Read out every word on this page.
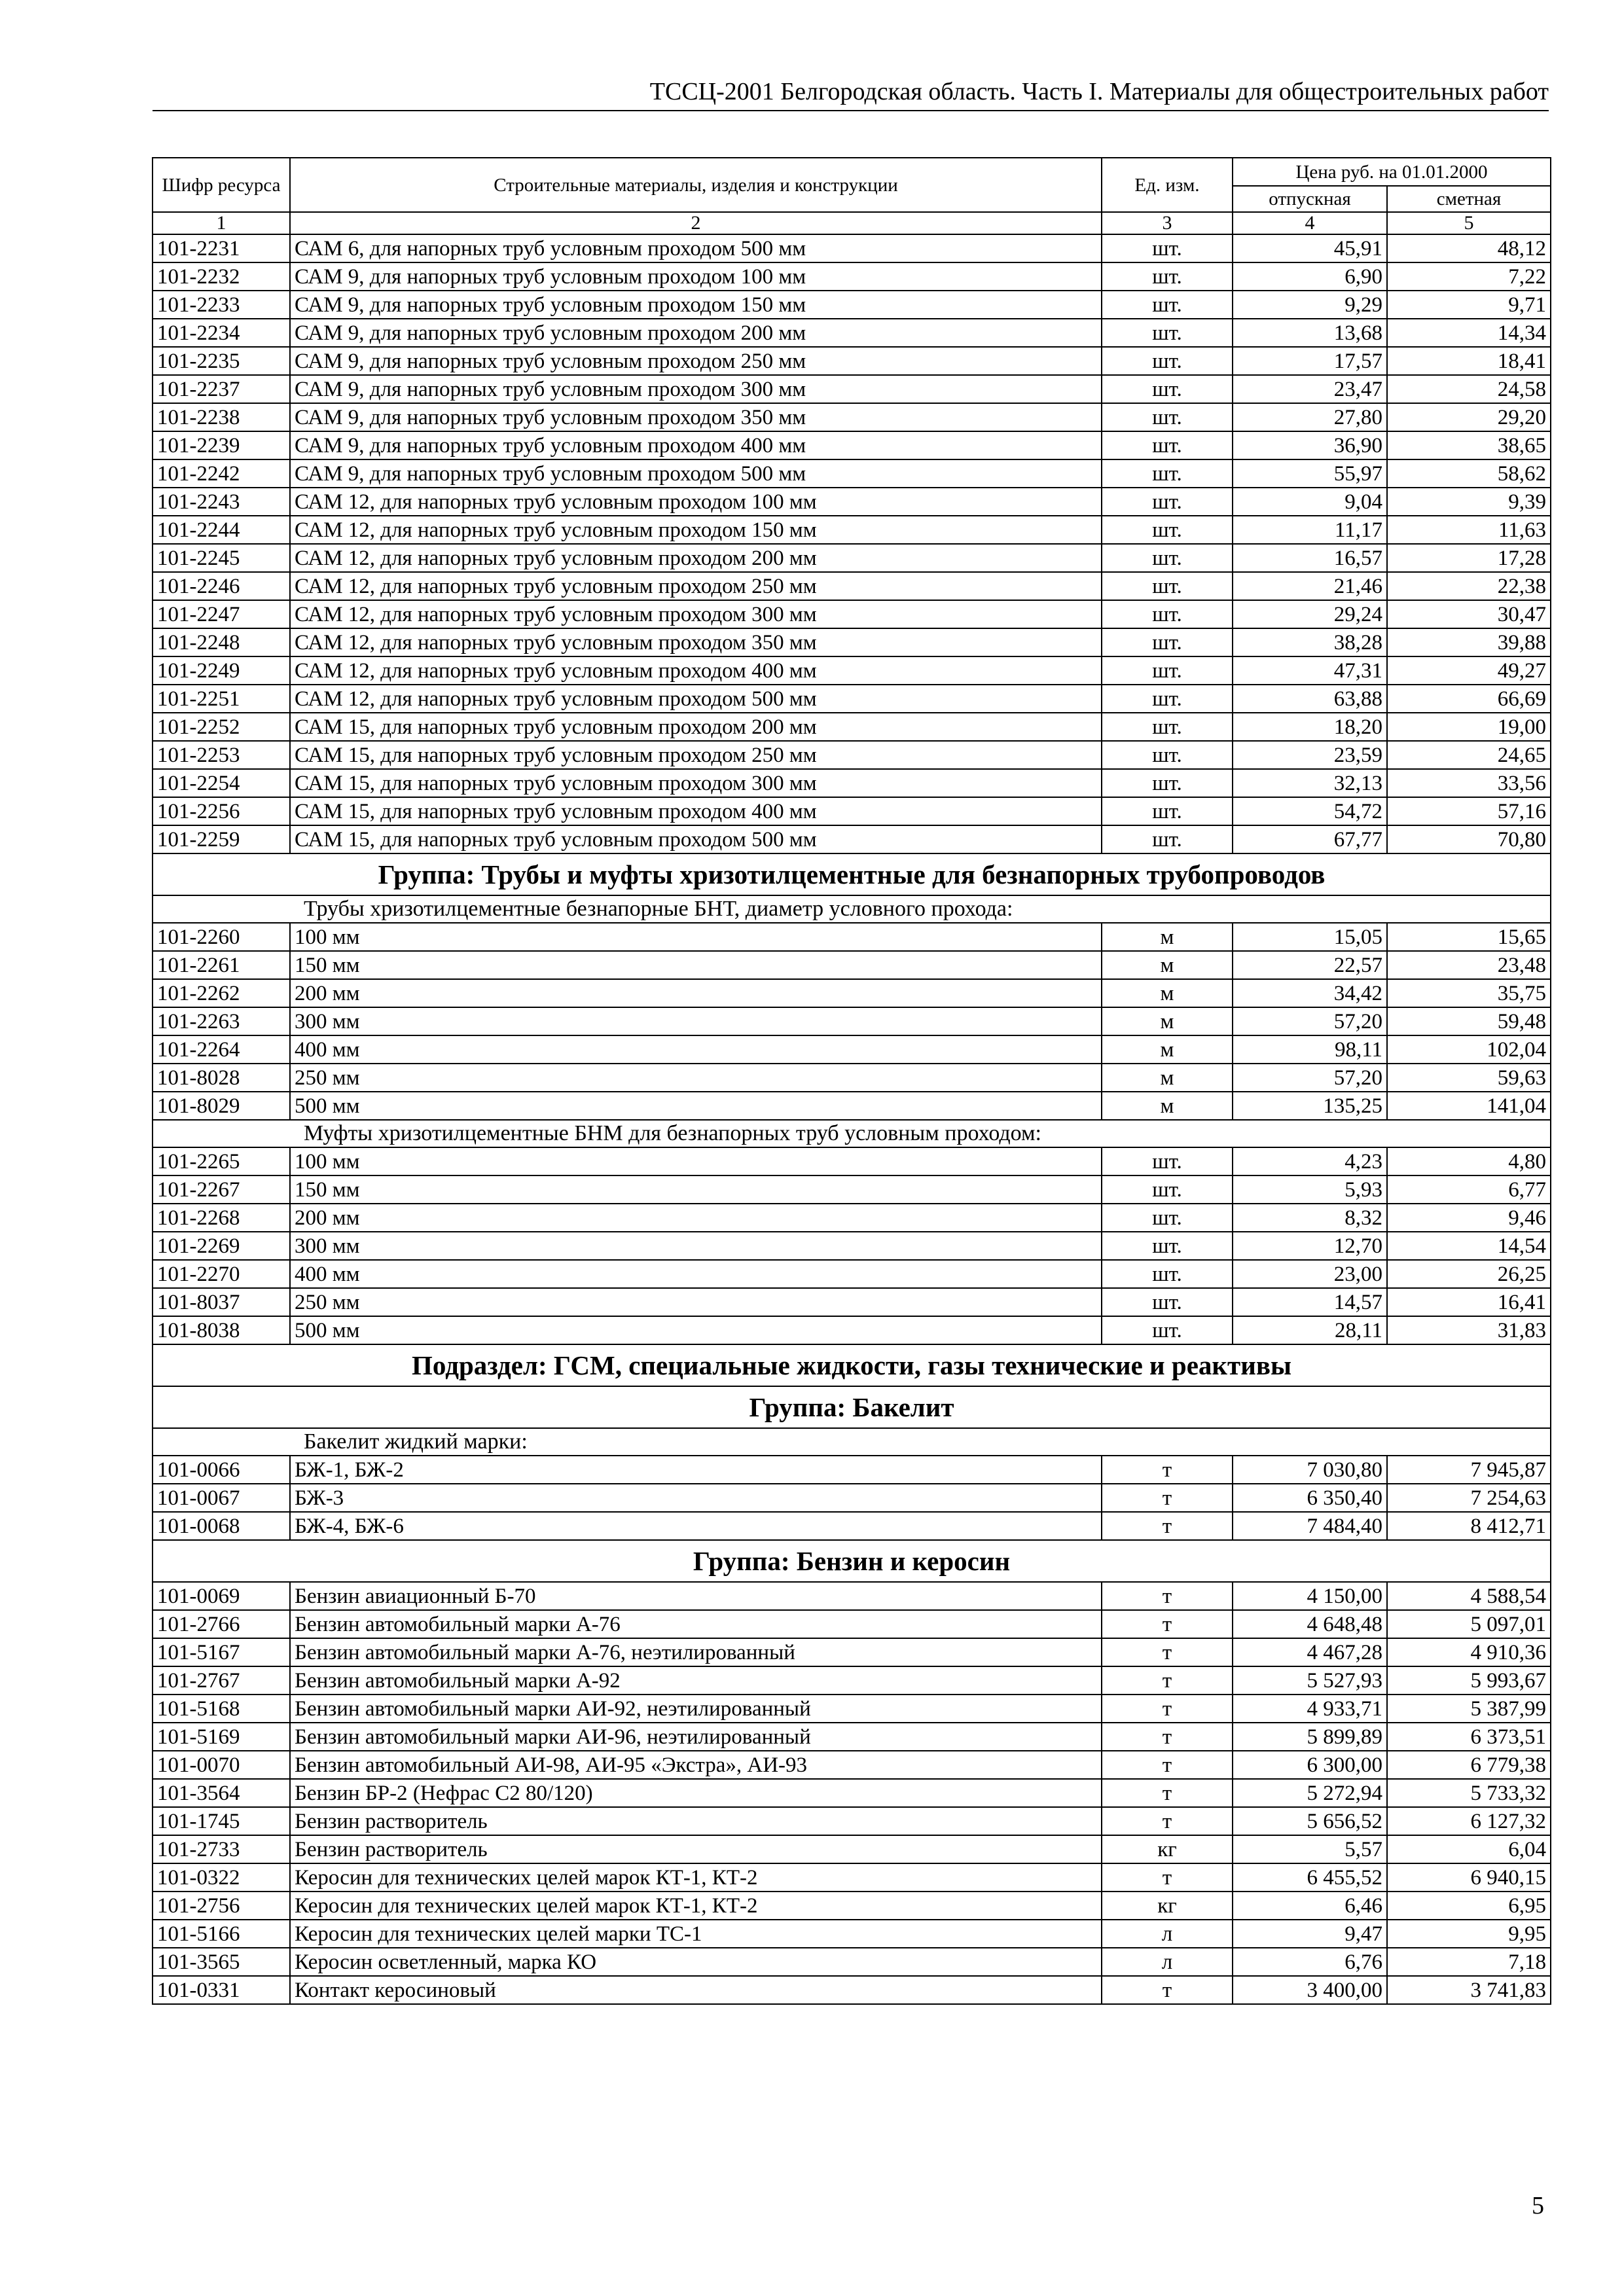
ТССЦ-2001 Белгородская область. Часть I. Материалы для общестроительных работ
Шифр ресурса	Строительные материалы, изделия и конструкции	Ед. изм.	Цена руб. на 01.01.2000	
			отпускная	сметная
1	2	3	4	5
101-2231	САМ 6, для напорных труб условным проходом 500 мм	шт.	45,91	48,12
101-2232	САМ 9, для напорных труб условным проходом 100 мм	шт.	6,90	7,22
101-2233	САМ 9, для напорных труб условным проходом 150 мм	шт.	9,29	9,71
101-2234	САМ 9, для напорных труб условным проходом 200 мм	шт.	13,68	14,34
101-2235	САМ 9, для напорных труб условным проходом 250 мм	шт.	17,57	18,41
101-2237	САМ 9, для напорных труб условным проходом 300 мм	шт.	23,47	24,58
101-2238	САМ 9, для напорных труб условным проходом 350 мм	шт.	27,80	29,20
101-2239	САМ 9, для напорных труб условным проходом 400 мм	шт.	36,90	38,65
101-2242	САМ 9, для напорных труб условным проходом 500 мм	шт.	55,97	58,62
101-2243	САМ 12, для напорных труб условным проходом 100 мм	шт.	9,04	9,39
101-2244	САМ 12, для напорных труб условным проходом 150 мм	шт.	11,17	11,63
101-2245	САМ 12, для напорных труб условным проходом 200 мм	шт.	16,57	17,28
101-2246	САМ 12, для напорных труб условным проходом 250 мм	шт.	21,46	22,38
101-2247	САМ 12, для напорных труб условным проходом 300 мм	шт.	29,24	30,47
101-2248	САМ 12, для напорных труб условным проходом 350 мм	шт.	38,28	39,88
101-2249	САМ 12, для напорных труб условным проходом 400 мм	шт.	47,31	49,27
101-2251	САМ 12, для напорных труб условным проходом 500 мм	шт.	63,88	66,69
101-2252	САМ 15, для напорных труб условным проходом 200 мм	шт.	18,20	19,00
101-2253	САМ 15, для напорных труб условным проходом 250 мм	шт.	23,59	24,65
101-2254	САМ 15, для напорных труб условным проходом 300 мм	шт.	32,13	33,56
101-2256	САМ 15, для напорных труб условным проходом 400 мм	шт.	54,72	57,16
101-2259	САМ 15, для напорных труб условным проходом 500 мм	шт.	67,77	70,80
Группа: Трубы и муфты хризотилцементные для безнапорных трубопроводов				
Трубы хризотилцементные безнапорные БНТ, диаметр условного прохода:				
101-2260	100 мм	м	15,05	15,65
101-2261	150 мм	м	22,57	23,48
101-2262	200 мм	м	34,42	35,75
101-2263	300 мм	м	57,20	59,48
101-2264	400 мм	м	98,11	102,04
101-8028	250 мм	м	57,20	59,63
101-8029	500 мм	м	135,25	141,04
Муфты хризотилцементные БНМ для безнапорных труб условным проходом:				
101-2265	100 мм	шт.	4,23	4,80
101-2267	150 мм	шт.	5,93	6,77
101-2268	200 мм	шт.	8,32	9,46
101-2269	300 мм	шт.	12,70	14,54
101-2270	400 мм	шт.	23,00	26,25
101-8037	250 мм	шт.	14,57	16,41
101-8038	500 мм	шт.	28,11	31,83
Подраздел: ГСМ, специальные жидкости, газы технические и реактивы				
Группа: Бакелит				
Бакелит жидкий марки:				
101-0066	БЖ-1, БЖ-2	т	7 030,80	7 945,87
101-0067	БЖ-3	т	6 350,40	7 254,63
101-0068	БЖ-4, БЖ-6	т	7 484,40	8 412,71
Группа: Бензин и керосин				
101-0069	Бензин авиационный Б-70	т	4 150,00	4 588,54
101-2766	Бензин автомобильный марки А-76	т	4 648,48	5 097,01
101-5167	Бензин автомобильный марки А-76, неэтилированный	т	4 467,28	4 910,36
101-2767	Бензин автомобильный марки А-92	т	5 527,93	5 993,67
101-5168	Бензин автомобильный марки АИ-92, неэтилированный	т	4 933,71	5 387,99
101-5169	Бензин автомобильный марки АИ-96, неэтилированный	т	5 899,89	6 373,51
101-0070	Бензин автомобильный АИ-98, АИ-95 «Экстра», АИ-93	т	6 300,00	6 779,38
101-3564	Бензин БР-2 (Нефрас С2 80/120)	т	5 272,94	5 733,32
101-1745	Бензин растворитель	т	5 656,52	6 127,32
101-2733	Бензин растворитель	кг	5,57	6,04
101-0322	Керосин для технических целей марок КТ-1, КТ-2	т	6 455,52	6 940,15
101-2756	Керосин для технических целей марок КТ-1, КТ-2	кг	6,46	6,95
101-5166	Керосин для технических целей марки ТС-1	л	9,47	9,95
101-3565	Керосин осветленный, марка КО	л	6,76	7,18
101-0331	Контакт керосиновый	т	3 400,00	3 741,83
5
